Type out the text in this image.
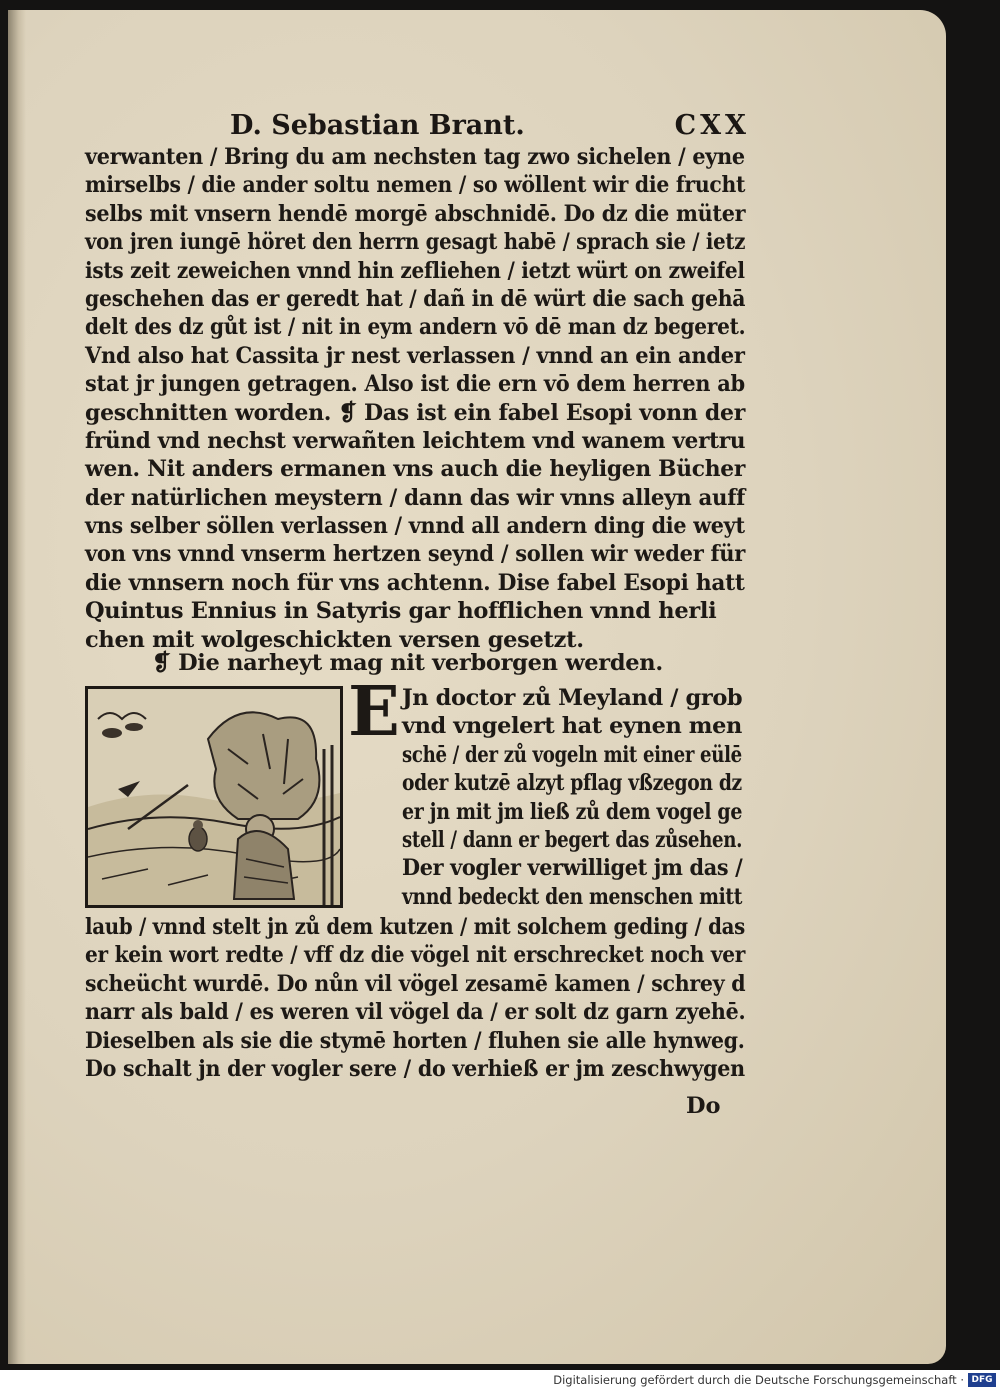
D. Sebastian Brant.	CXX
verwanten / Bring du am nechsten tag zwo sichelen / eyne
mirselbs / die ander soltu nemen / so wöllent wir die frucht
selbs mit vnsern hendē morgē abschnidē. Do dz die müter
von jren iungē höret den herrn gesagt habē / sprach sie / ietz
ists zeit zeweichen vnnd hin zefliehen / ietzt würt on zweifel
geschehen das er geredt hat / dañ in dē würt die sach gehā
delt des dz gůt ist / nit in eym andern vō dē man dz begeret.
Vnd also hat Cassita jr nest verlassen / vnnd an ein ander
stat jr jungen getragen. Also ist die ern vō dem herren ab
geschnitten worden. ❡ Das ist ein fabel Esopi vonn der
fründ vnd nechst verwañten leichtem vnd wanem vertru
wen. Nit anders ermanen vns auch die heyligen Bücher
der natürlichen meystern / dann das wir vnns alleyn auff
vns selber söllen verlassen / vnnd all andern ding die weyt
von vns vnnd vnserm hertzen seynd / sollen wir weder für
die vnnsern noch für vns achtenn. Dise fabel Esopi hatt
Quintus Ennius in Satyris gar hofflichen vnnd herli
chen mit wolgeschickten versen gesetzt.
❡ Die narheyt mag nit verborgen werden.
E Jn doctor zů Meyland / grob
vnd vngelert hat eynen men
schē / der zů vogeln mit einer eülē
oder kutzē alzyt pflag vßzegon dz
er jn mit jm ließ zů dem vogel ge
stell / dann er begert das zůsehen.
Der vogler verwilliget jm das /
vnnd bedeckt den menschen mitt
laub / vnnd stelt jn zů dem kutzen / mit solchem geding / das
er kein wort redte / vff dz die vögel nit erschrecket noch ver
scheücht wurdē. Do nůn vil vögel zesamē kamen / schrey d
narr als bald / es weren vil vögel da / er solt dz garn zyehē.
Dieselben als sie die stymē horten / fluhen sie alle hynweg.
Do schalt jn der vogler sere / do verhieß er jm zeschwygen
Do
Digitalisierung gefördert durch die Deutsche Forschungsgemeinschaft · DFG
